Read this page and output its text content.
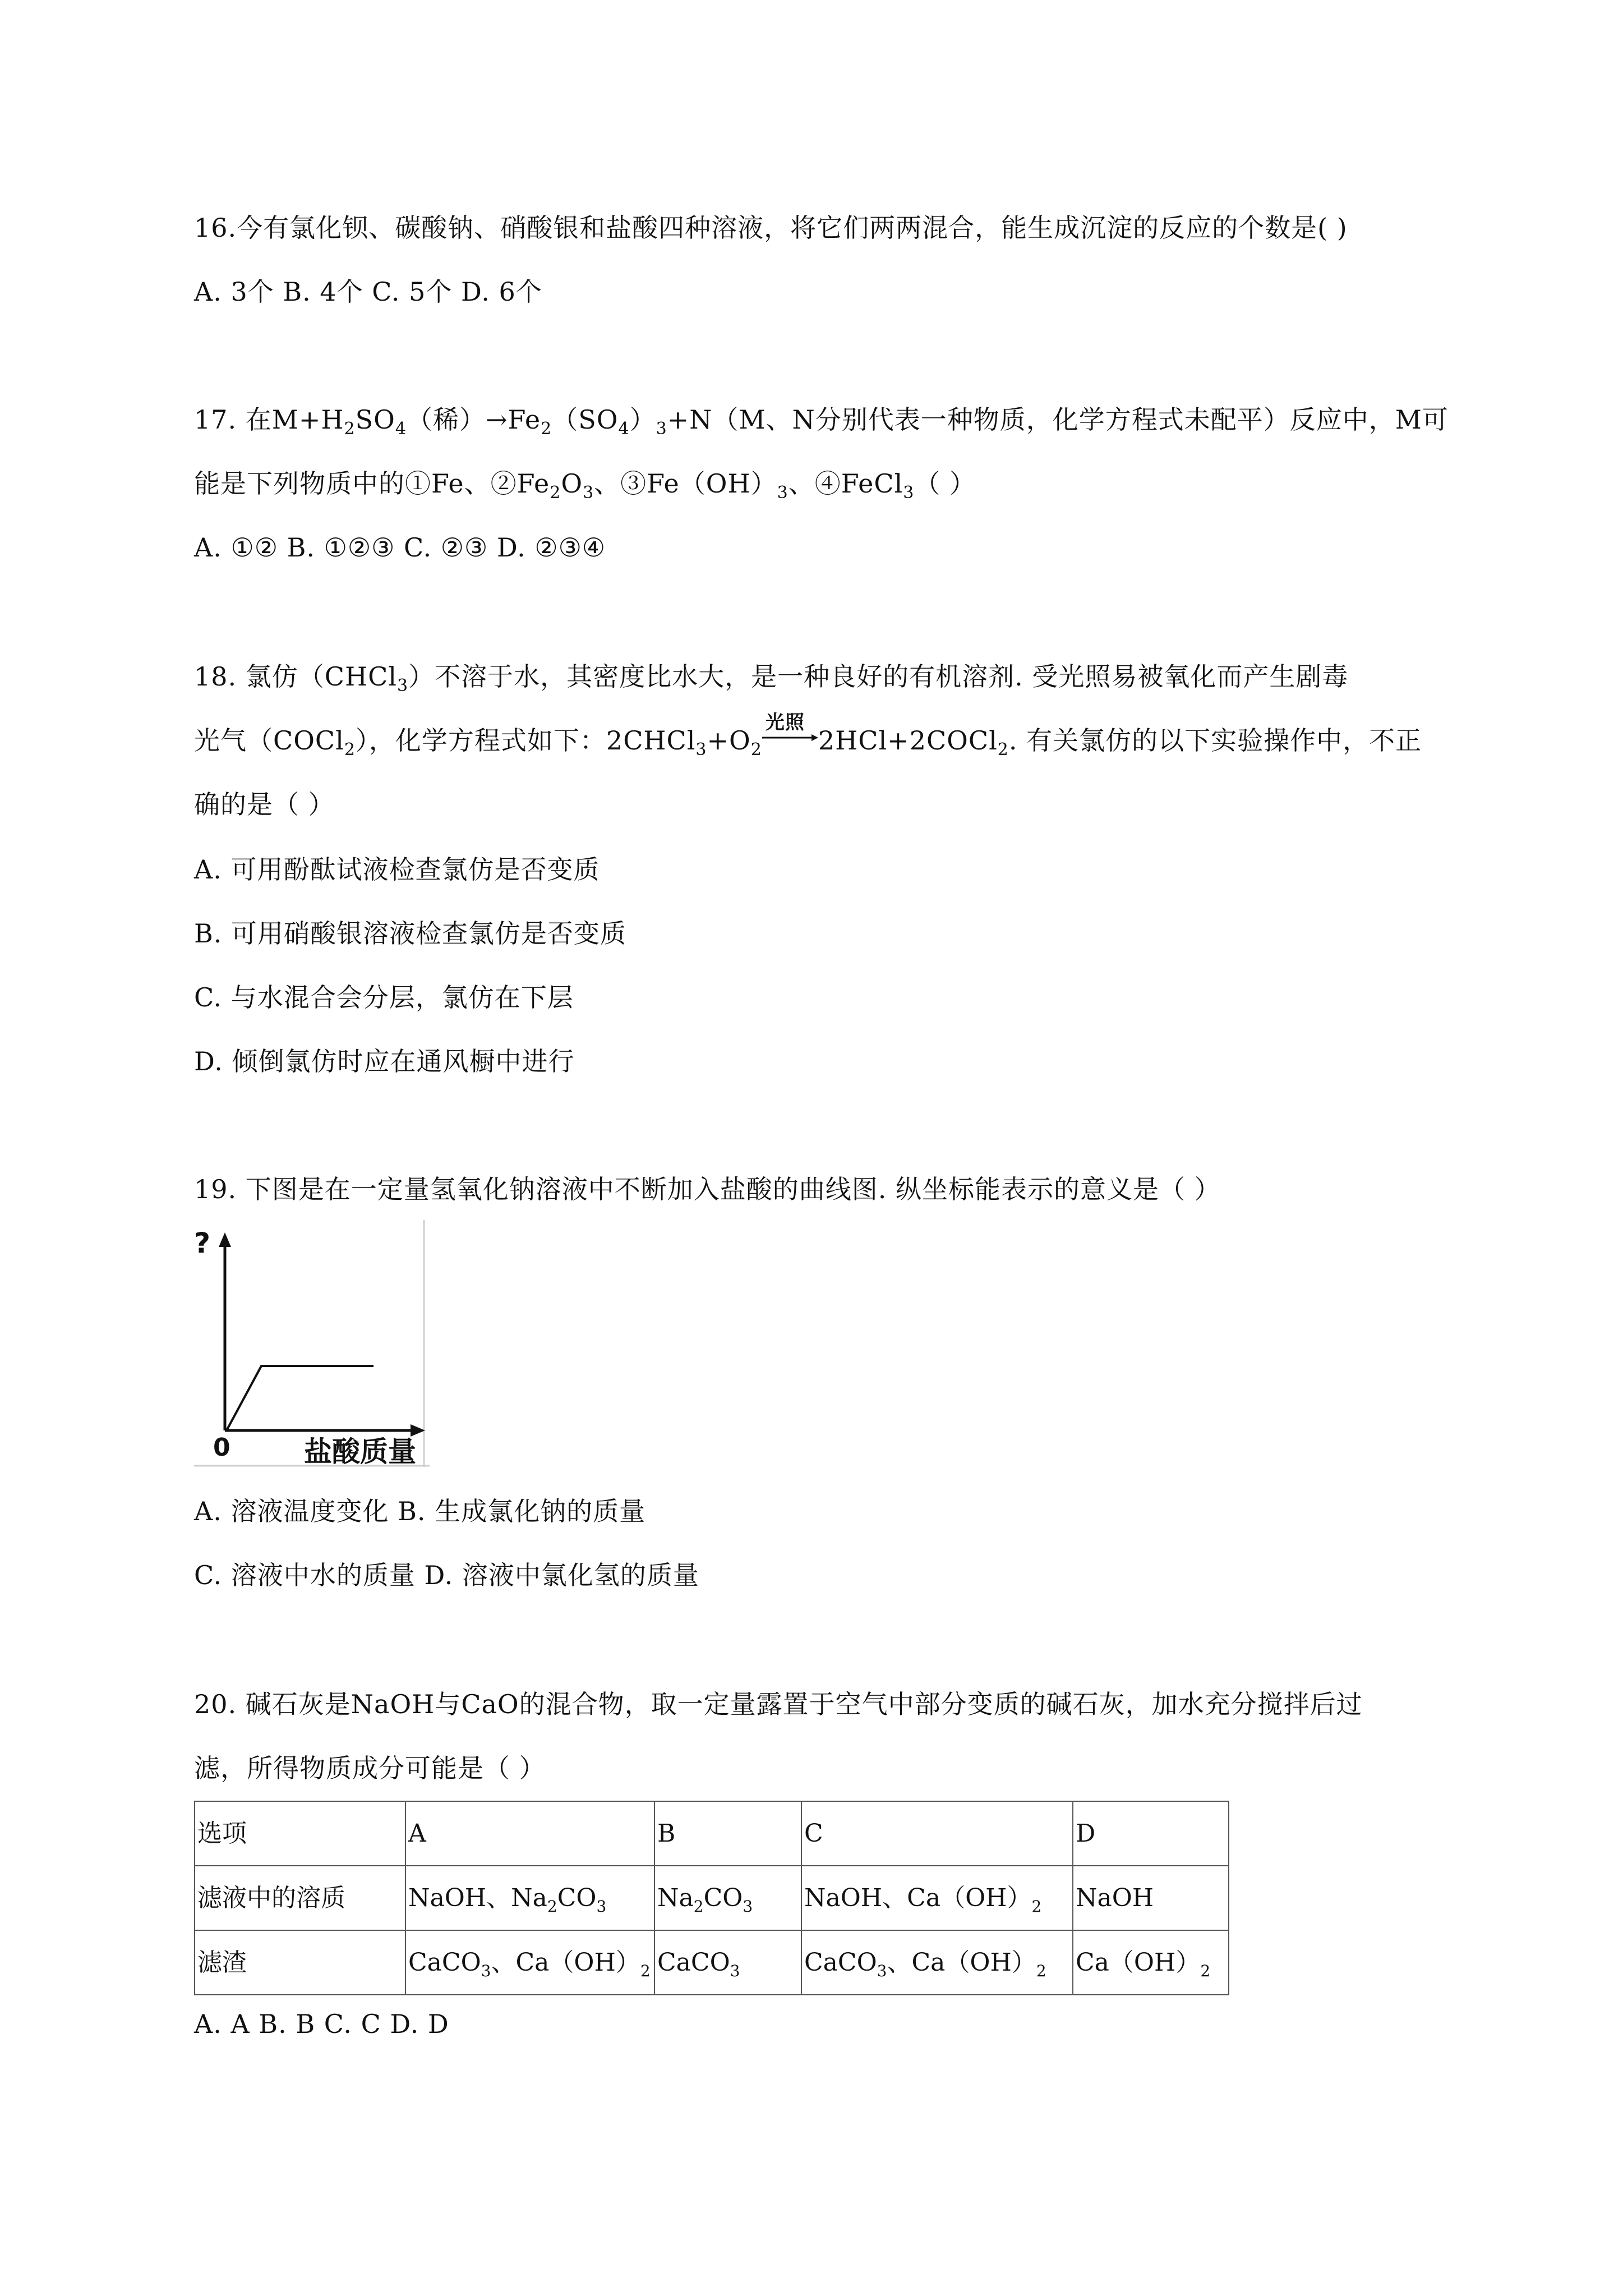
16.今有氯化钡、碳酸钠、硝酸银和盐酸四种溶液，将它们两两混合，能生成沉淀的反应的个数是( )
A. 3个 B. 4个 C. 5个 D. 6个
17. 在$M+H_2SO_4$（稀）$\to Fe_2(SO_4)_3+N(M$、N分别代表一种物质，化学方程式未配平）反应中，M可
能是下列物质中的①Fe、$②Fe_2O_3$、$③Fe(OH)_3$、④FeCl$_3$（ ）
A. ①② B. ①②③ C. ②③ D. ②③④
18. 氯仿（CHCl$_3$）不溶于水，其密度比水大，是一种良好的有机溶剂. 受光照易被氧化而产生剧毒
光气（COCl$_2$），化学方程式如下：$2CHCl_3+O_2$
光照
2HCl+2COCl$_2$. 有关氯仿的以下实验操作中，不正
确的是（ ）
A. 可用酚酞试液检查氯仿是否变质
B. 可用硝酸银溶液检查氯仿是否变质
C. 与水混合会分层，氯仿在下层
D. 倾倒氯仿时应在通风橱中进行
19. 下图是在一定量氢氧化钠溶液中不断加入盐酸的曲线图. 纵坐标能表示的意义是（ ）
?
0	盐酸质量
A. 溶液温度变化 B. 生成氯化钠的质量
C. 溶液中水的质量 D. 溶液中氯化氢的质量
20. 碱石灰是NaOH与CaO的混合物，取一定量露置于空气中部分变质的碱石灰，加水充分搅拌后过
滤，所得物质成分可能是（ ）
选项	A	B	C	D
滤液中的溶质	NaOH、$Na_2CO_3$	$Na_2CO_3$	NaOH、$Ca(OH)_2$	NaOH
滤渣	CaCO$_3$、$Ca(OH)_2$	CaCO$_3$	CaCO$_3$、$Ca(OH)_2$	$Ca(OH)_2$
A. A B. B C. C D. D
